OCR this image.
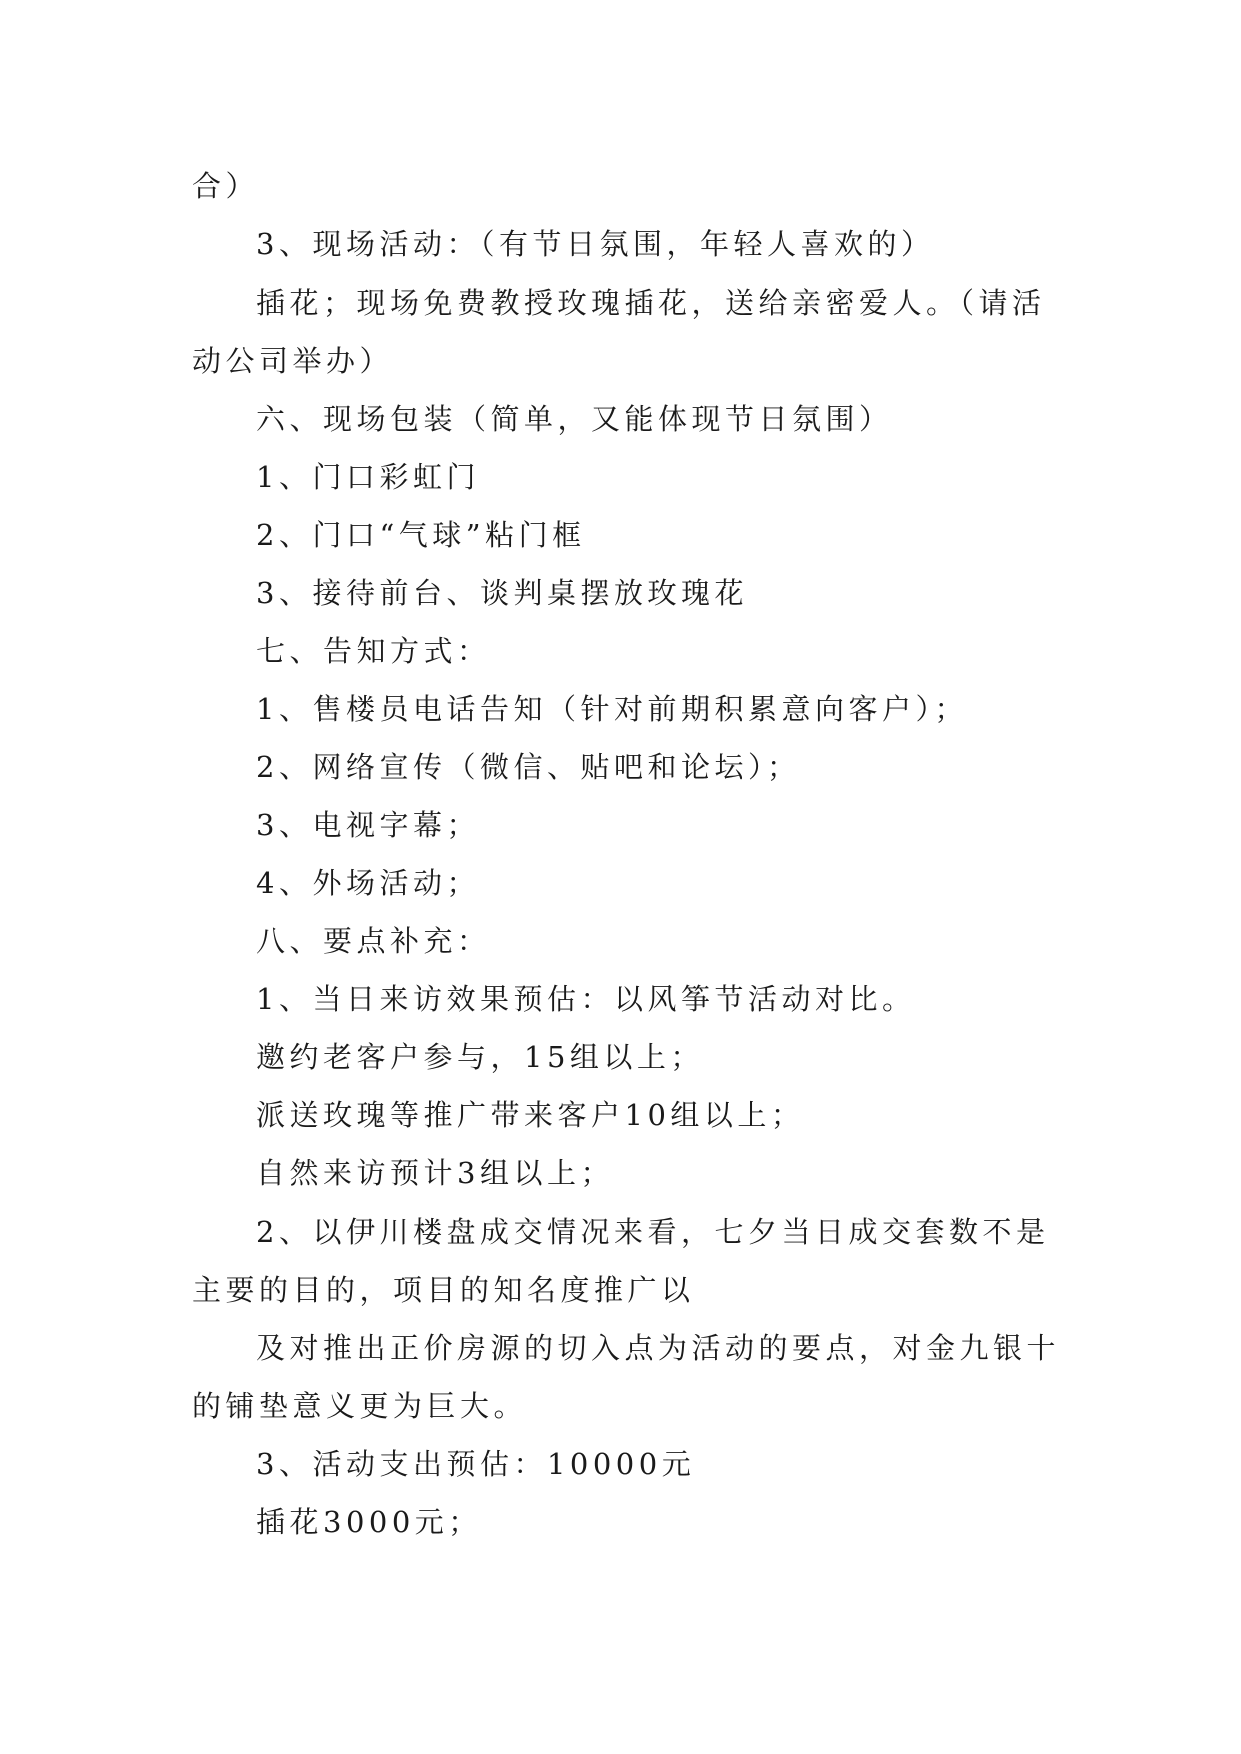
合）
3、现场活动：（有节日氛围，年轻人喜欢的）
插花；现场免费教授玫瑰插花，送给亲密爱人。（请活
动公司举办）
六、现场包装（简单，又能体现节日氛围）
1、门口彩虹门
2、门口“气球”粘门框
3、接待前台、谈判桌摆放玫瑰花
七、告知方式：
1、售楼员电话告知（针对前期积累意向客户）；
2、网络宣传（微信、贴吧和论坛）；
3、电视字幕；
4、外场活动；
八、要点补充：
1、当日来访效果预估：以风筝节活动对比。
邀约老客户参与，15组以上；
派送玫瑰等推广带来客户10组以上；
自然来访预计3组以上；
2、以伊川楼盘成交情况来看，七夕当日成交套数不是
主要的目的，项目的知名度推广以
及对推出正价房源的切入点为活动的要点，对金九银十
的铺垫意义更为巨大。
3、活动支出预估：10000元
插花3000元；
